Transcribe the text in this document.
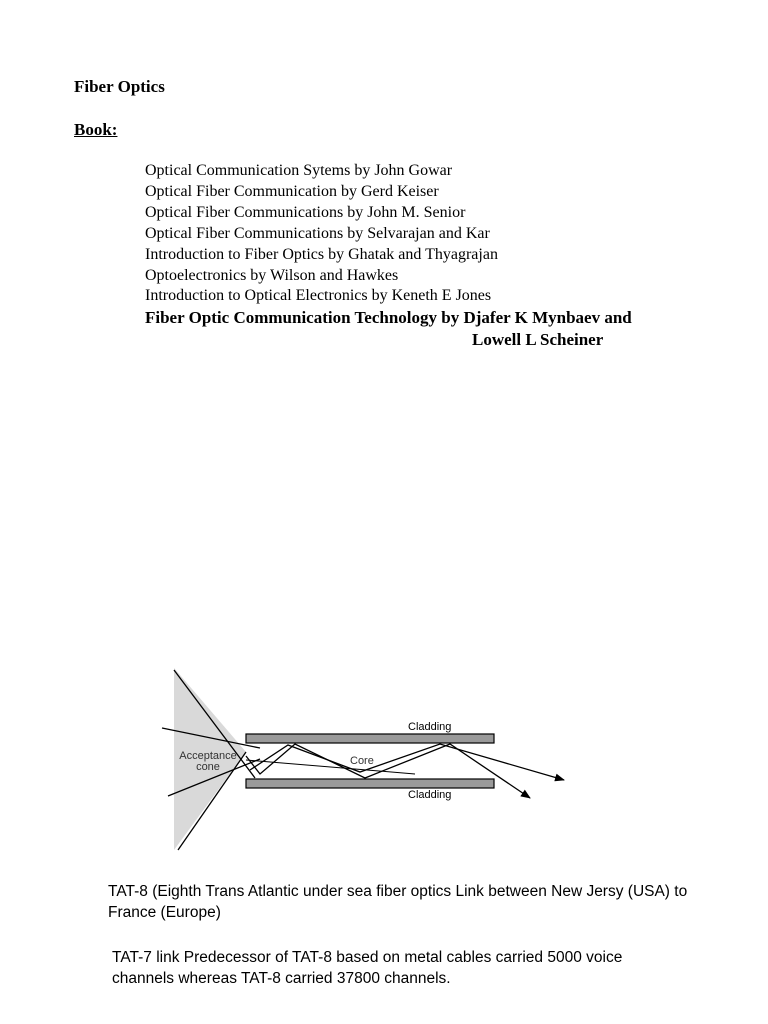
Fiber Optics
Book:
Optical Communication Sytems by John Gowar
Optical Fiber Communication by Gerd Keiser
Optical Fiber Communications by John M. Senior
Optical Fiber Communications by Selvarajan and Kar
Introduction to Fiber Optics by Ghatak and Thyagrajan
Optoelectronics by Wilson and Hawkes
Introduction to Optical Electronics by Keneth E Jones
Fiber Optic Communication Technology by Djafer K Mynbaev and
Lowell L Scheiner
Acceptance
cone
Cladding
Core
Cladding
TAT-8 (Eighth Trans Atlantic under sea fiber optics Link between New Jersy (USA) to France (Europe)
TAT-7 link Predecessor of TAT-8 based on metal cables carried 5000 voice channels whereas TAT-8 carried 37800 channels.
